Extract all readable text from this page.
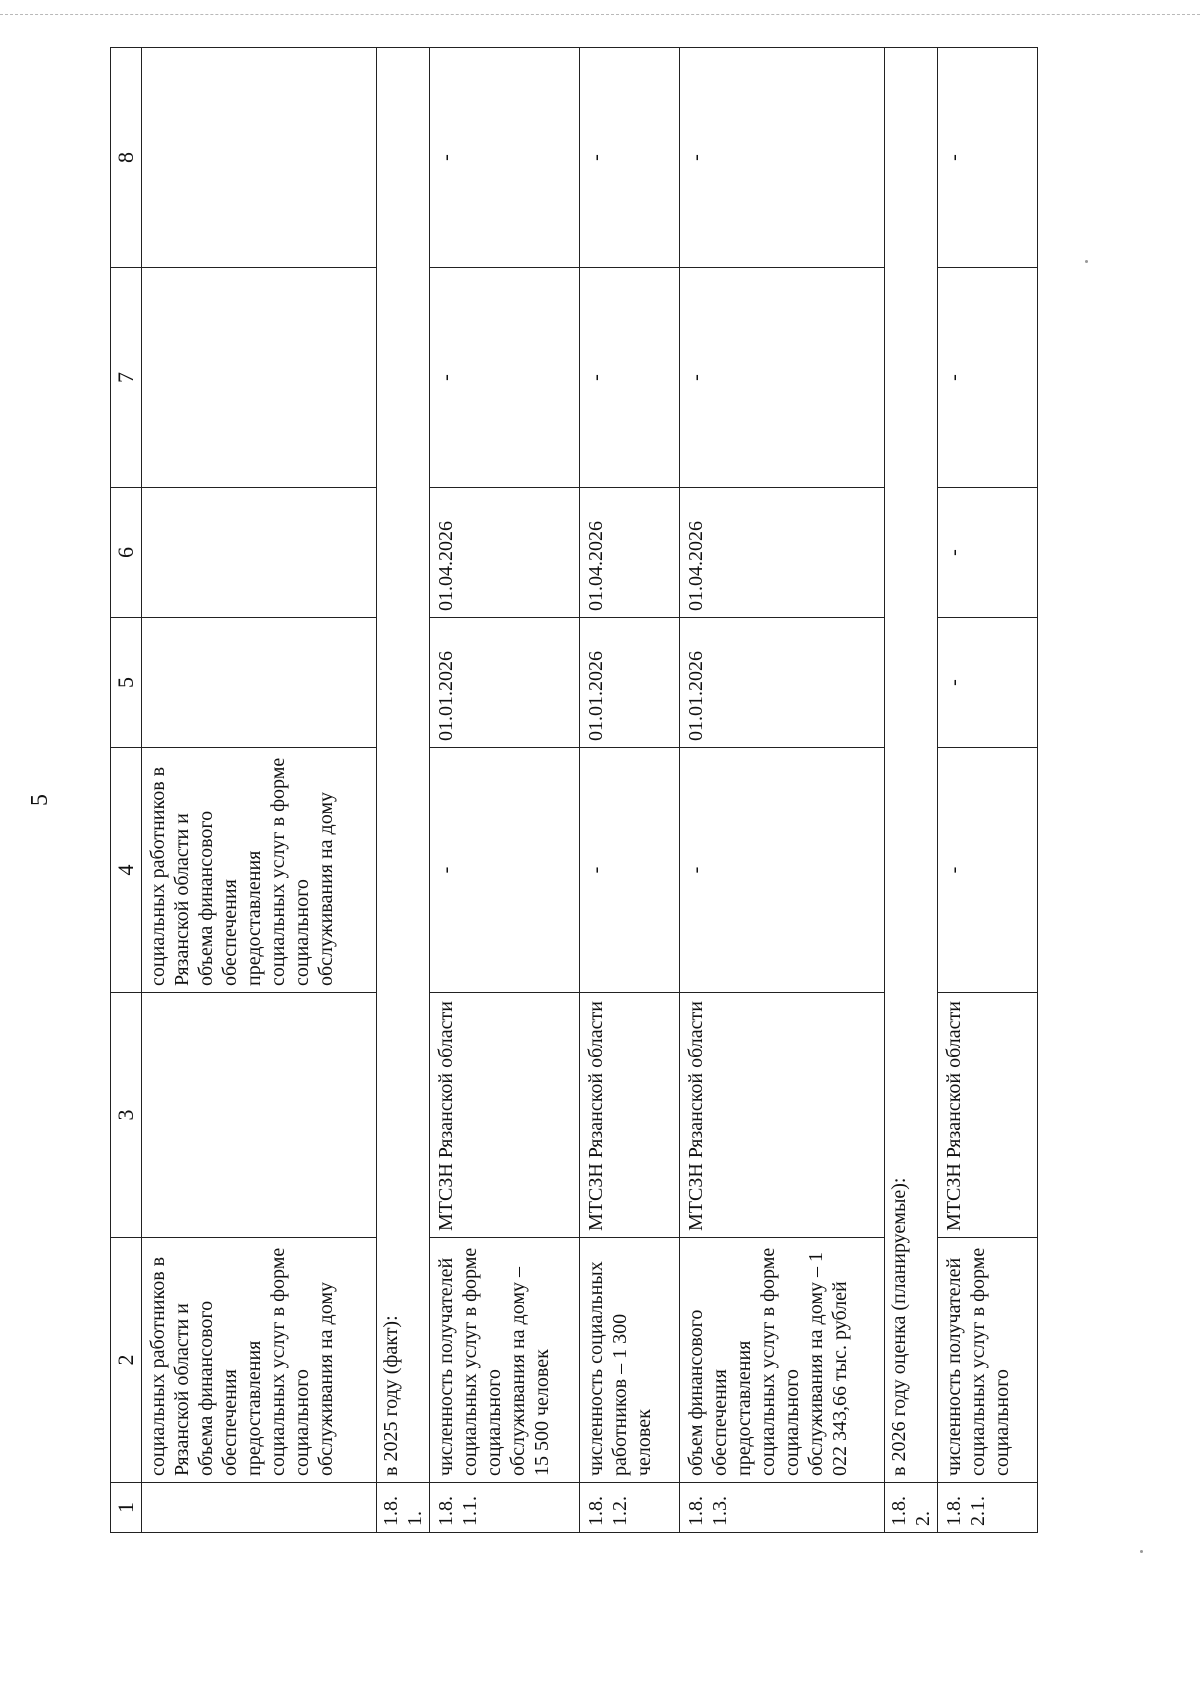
5
1	2	3	4	5	6	7	8
	социальных работников в Рязанской области и объема финансового обеспечения предоставления социальных услуг в форме социального обслуживания на дому		социальных работников в Рязанской области и объема финансового обеспечения предоставления социальных услуг в форме социального обслуживания на дому				
1.8.1.	в 2025 году (факт):						
1.8.1.1.	численность получателей социальных услуг в форме социального обслуживания на дому – 15 500 человек	МТСЗН Рязанской области	-	01.01.2026	01.04.2026	-	-
1.8.1.2.	численность социальных работников – 1 300 человек	МТСЗН Рязанской области	-	01.01.2026	01.04.2026	-	-
1.8.1.3.	объем финансового обеспечения предоставления социальных услуг в форме социального обслуживания на дому – 1 022 343,66 тыс. рублей	МТСЗН Рязанской области	-	01.01.2026	01.04.2026	-	-
1.8.2.	в 2026 году оценка (планируемые):						
1.8.2.1.	численность получателей социальных услуг в форме социального	МТСЗН Рязанской области	-	-	-	-	-
